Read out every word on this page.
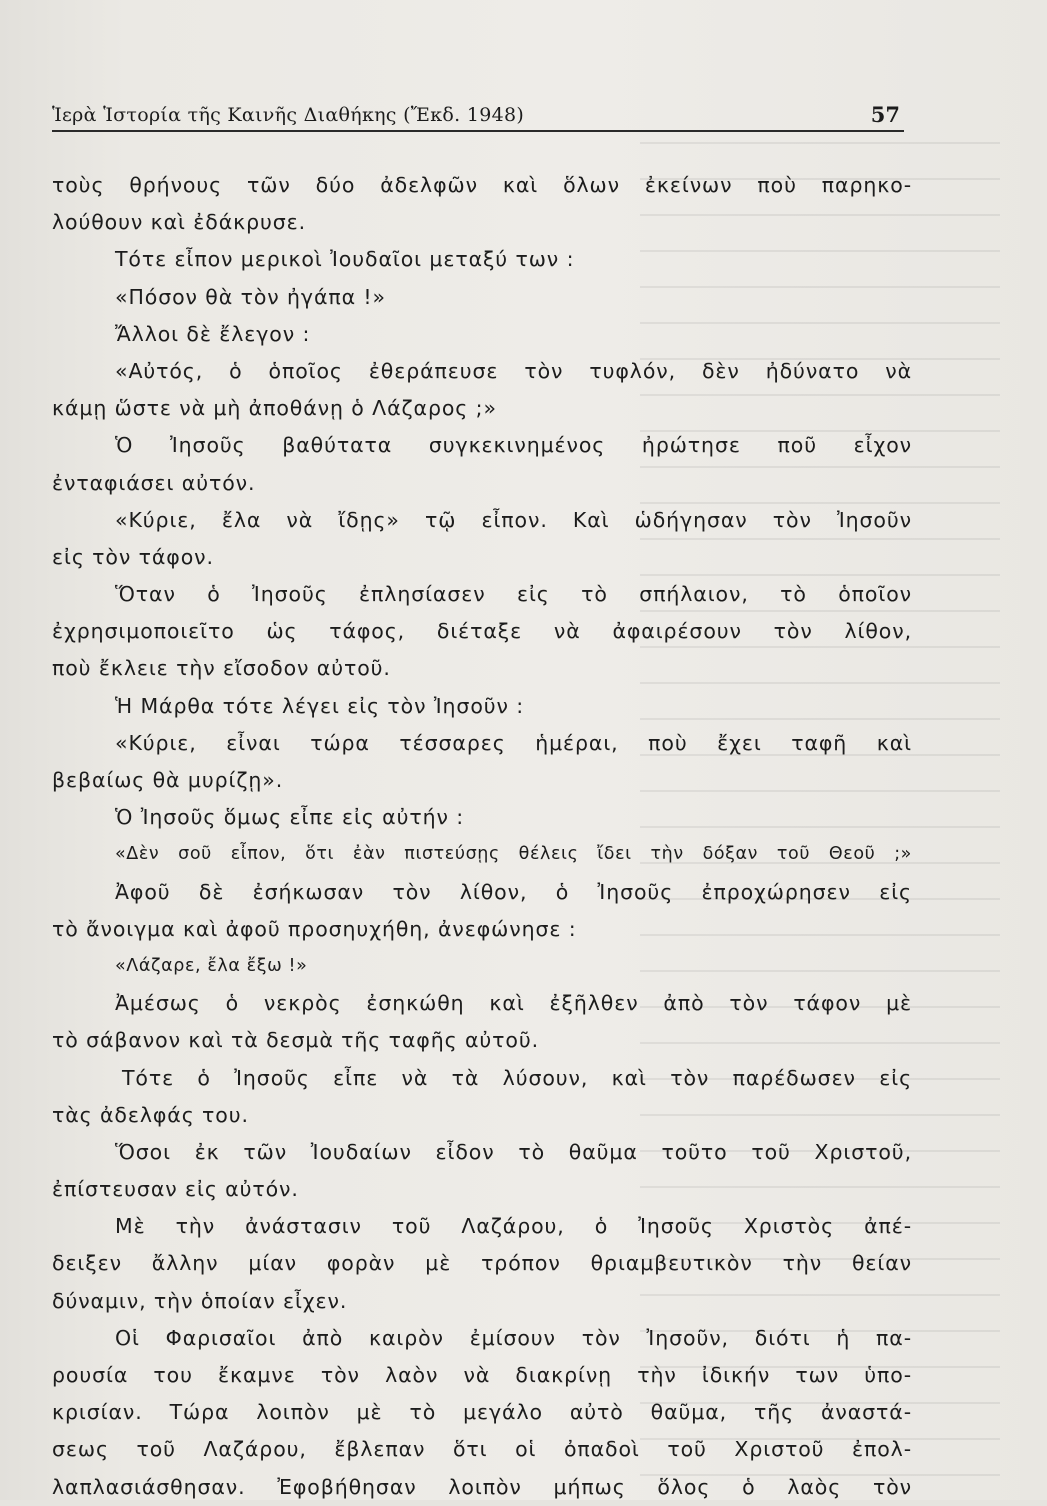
Ἱερὰ Ἱστορία τῆς Καινῆς Διαθήκης (Ἔκδ. 1948)	57
τοὺς θρήνους τῶν δύο ἀδελφῶν καὶ ὅλων ἐκείνων ποὺ παρηκο-
λούθουν καὶ ἐδάκρυσε.
Τότε εἶπον μερικοὶ Ἰουδαῖοι μεταξύ των :
«Πόσον θὰ τὸν ἠγάπα !»
Ἄλλοι δὲ ἔλεγον :
«Αὐτός, ὁ ὁποῖος ἐθεράπευσε τὸν τυφλόν, δὲν ἠδύνατο νὰ
κάμῃ ὥστε νὰ μὴ ἀποθάνῃ ὁ Λάζαρος ;»
Ὁ Ἰησοῦς βαθύτατα συγκεκινημένος ἠρώτησε ποῦ εἶχον
ἐνταφιάσει αὐτόν.
«Κύριε, ἔλα νὰ ἴδῃς» τῷ εἶπον. Καὶ ὡδήγησαν τὸν Ἰησοῦν
εἰς τὸν τάφον.
Ὅταν ὁ Ἰησοῦς ἐπλησίασεν εἰς τὸ σπήλαιον, τὸ ὁποῖον
ἐχρησιμοποιεῖτο ὡς τάφος, διέταξε νὰ ἀφαιρέσουν τὸν λίθον,
ποὺ ἔκλειε τὴν εἴσοδον αὐτοῦ.
Ἡ Μάρθα τότε λέγει εἰς τὸν Ἰησοῦν :
«Κύριε, εἶναι τώρα τέσσαρες ἡμέραι, ποὺ ἔχει ταφῆ καὶ
βεβαίως θὰ μυρίζῃ».
Ὁ Ἰησοῦς ὅμως εἶπε εἰς αὐτήν :
«Δὲν σοῦ εἶπον, ὅτι ἐὰν πιστεύσῃς θέλεις ἴδει τὴν δόξαν τοῦ Θεοῦ ;»
Ἀφοῦ δὲ ἐσήκωσαν τὸν λίθον, ὁ Ἰησοῦς ἐπροχώρησεν εἰς
τὸ ἄνοιγμα καὶ ἀφοῦ προσηυχήθη, ἀνεφώνησε :
«Λάζαρε, ἔλα ἔξω !»
Ἀμέσως ὁ νεκρὸς ἐσηκώθη καὶ ἐξῆλθεν ἀπὸ τὸν τάφον μὲ
τὸ σάβανον καὶ τὰ δεσμὰ τῆς ταφῆς αὐτοῦ.
Τότε ὁ Ἰησοῦς εἶπε νὰ τὰ λύσουν, καὶ τὸν παρέδωσεν εἰς
τὰς ἀδελφάς του.
Ὅσοι ἐκ τῶν Ἰουδαίων εἶδον τὸ θαῦμα τοῦτο τοῦ Χριστοῦ,
ἐπίστευσαν εἰς αὐτόν.
Μὲ τὴν ἀνάστασιν τοῦ Λαζάρου, ὁ Ἰησοῦς Χριστὸς ἀπέ-
δειξεν ἄλλην μίαν φορὰν μὲ τρόπον θριαμβευτικὸν τὴν θείαν
δύναμιν, τὴν ὁποίαν εἶχεν.
Οἱ Φαρισαῖοι ἀπὸ καιρὸν ἐμίσουν τὸν Ἰησοῦν, διότι ἡ πα-
ρουσία του ἔκαμνε τὸν λαὸν νὰ διακρίνῃ τὴν ἰδικήν των ὑπο-
κρισίαν. Τώρα λοιπὸν μὲ τὸ μεγάλο αὐτὸ θαῦμα, τῆς ἀναστά-
σεως τοῦ Λαζάρου, ἔβλεπαν ὅτι οἱ ὀπαδοὶ τοῦ Χριστοῦ ἐπολ-
λαπλασιάσθησαν. Ἐφοβήθησαν λοιπὸν μήπως ὅλος ὁ λαὸς τὸν
